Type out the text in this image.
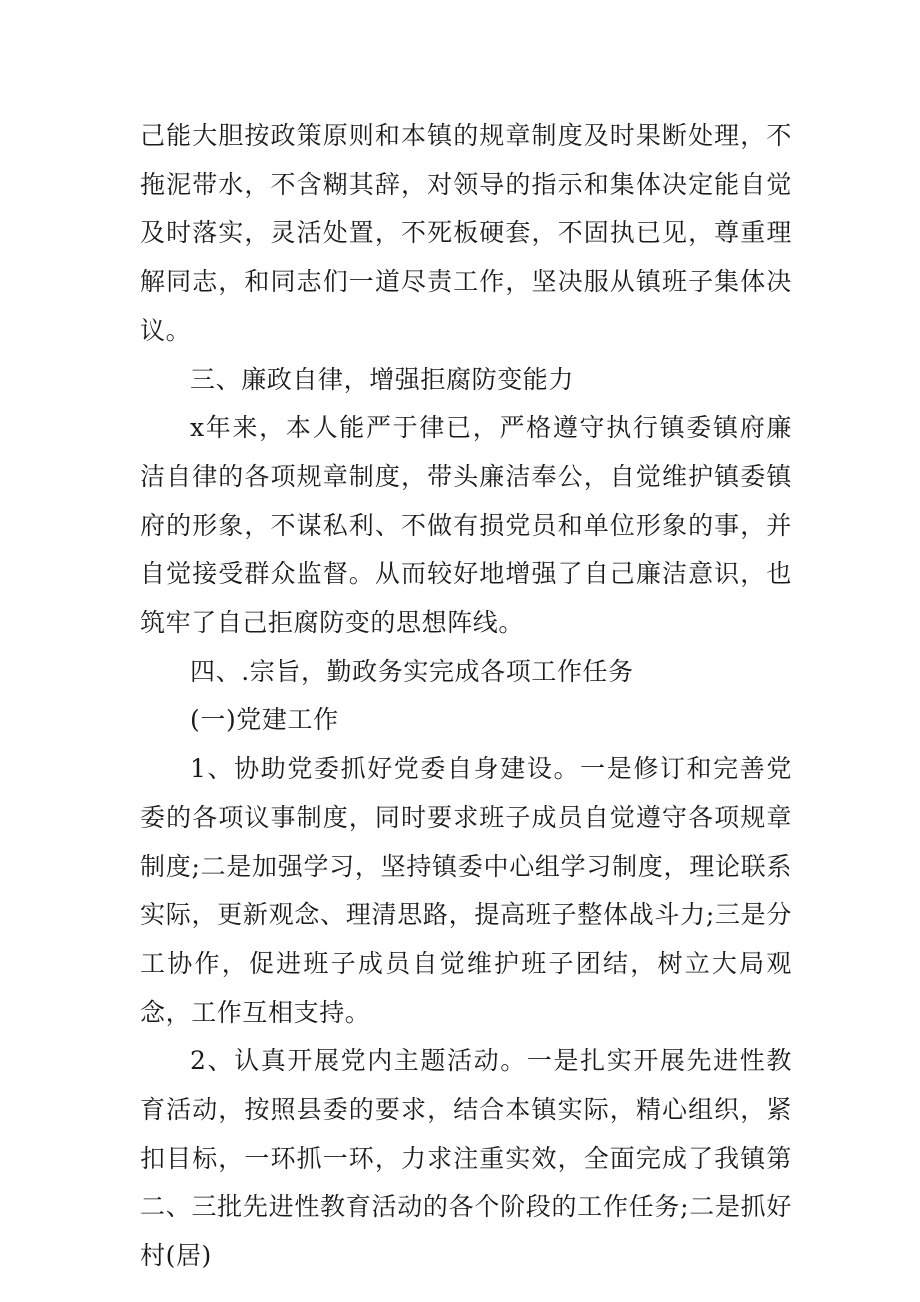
己能大胆按政策原则和本镇的规章制度及时果断处理，不拖泥带水，不含糊其辞，对领导的指示和集体决定能自觉及时落实，灵活处置，不死板硬套，不固执已见，尊重理解同志，和同志们一道尽责工作，坚决服从镇班子集体决议。

三、廉政自律，增强拒腐防变能力

x年来，本人能严于律已，严格遵守执行镇委镇府廉洁自律的各项规章制度，带头廉洁奉公，自觉维护镇委镇府的形象，不谋私利、不做有损党员和单位形象的事，并自觉接受群众监督。从而较好地增强了自己廉洁意识，也筑牢了自己拒腐防变的思想阵线。

四、.宗旨，勤政务实完成各项工作任务

(一)党建工作

1、协助党委抓好党委自身建设。一是修订和完善党委的各项议事制度，同时要求班子成员自觉遵守各项规章制度;二是加强学习，坚持镇委中心组学习制度，理论联系实际，更新观念、理清思路，提高班子整体战斗力;三是分工协作，促进班子成员自觉维护班子团结，树立大局观念，工作互相支持。

2、认真开展党内主题活动。一是扎实开展先进性教育活动，按照县委的要求，结合本镇实际，精心组织，紧扣目标，一环抓一环，力求注重实效，全面完成了我镇第二、三批先进性教育活动的各个阶段的工作任务;二是抓好村(居)
